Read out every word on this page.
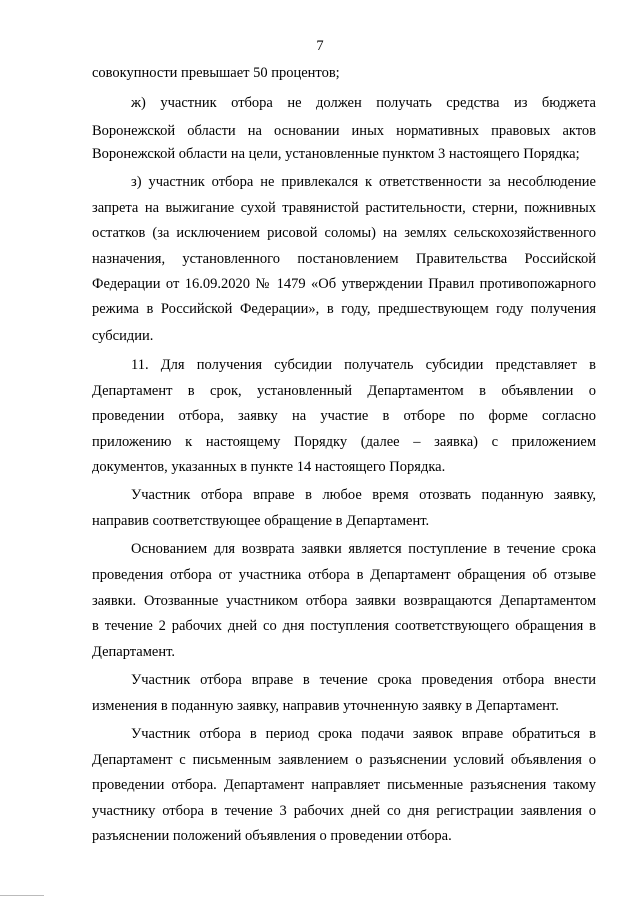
7
совокупности превышает 50 процентов;
ж) участник отбора не должен получать средства из бюджета
Воронежской области на основании иных нормативных правовых актов
Воронежской области на цели, установленные пунктом 3 настоящего Порядка;
з) участник отбора не привлекался к ответственности за несоблюдение
запрета на выжигание сухой травянистой растительности, стерни, пожнивных
остатков (за исключением рисовой соломы) на землях сельскохозяйственного
назначения, установленного постановлением Правительства Российской
Федерации от 16.09.2020 № 1479 «Об утверждении Правил противопожарного
режима в Российской Федерации», в году, предшествующем году получения
субсидии.
11. Для получения субсидии получатель субсидии представляет в
Департамент в срок, установленный Департаментом в объявлении о
проведении отбора, заявку на участие в отборе по форме согласно
приложению к настоящему Порядку (далее – заявка) с приложением
документов, указанных в пункте 14 настоящего Порядка.
Участник отбора вправе в любое время отозвать поданную заявку,
направив соответствующее обращение в Департамент.
Основанием для возврата заявки является поступление в течение срока
проведения отбора от участника отбора в Департамент обращения об отзыве
заявки. Отозванные участником отбора заявки возвращаются Департаментом
в течение 2 рабочих дней со дня поступления соответствующего обращения в
Департамент.
Участник отбора вправе в течение срока проведения отбора внести
изменения в поданную заявку, направив уточненную заявку в Департамент.
Участник отбора в период срока подачи заявок вправе обратиться в
Департамент с письменным заявлением о разъяснении условий объявления о
проведении отбора. Департамент направляет письменные разъяснения такому
участнику отбора в течение 3 рабочих дней со дня регистрации заявления о
разъяснении положений объявления о проведении отбора.
